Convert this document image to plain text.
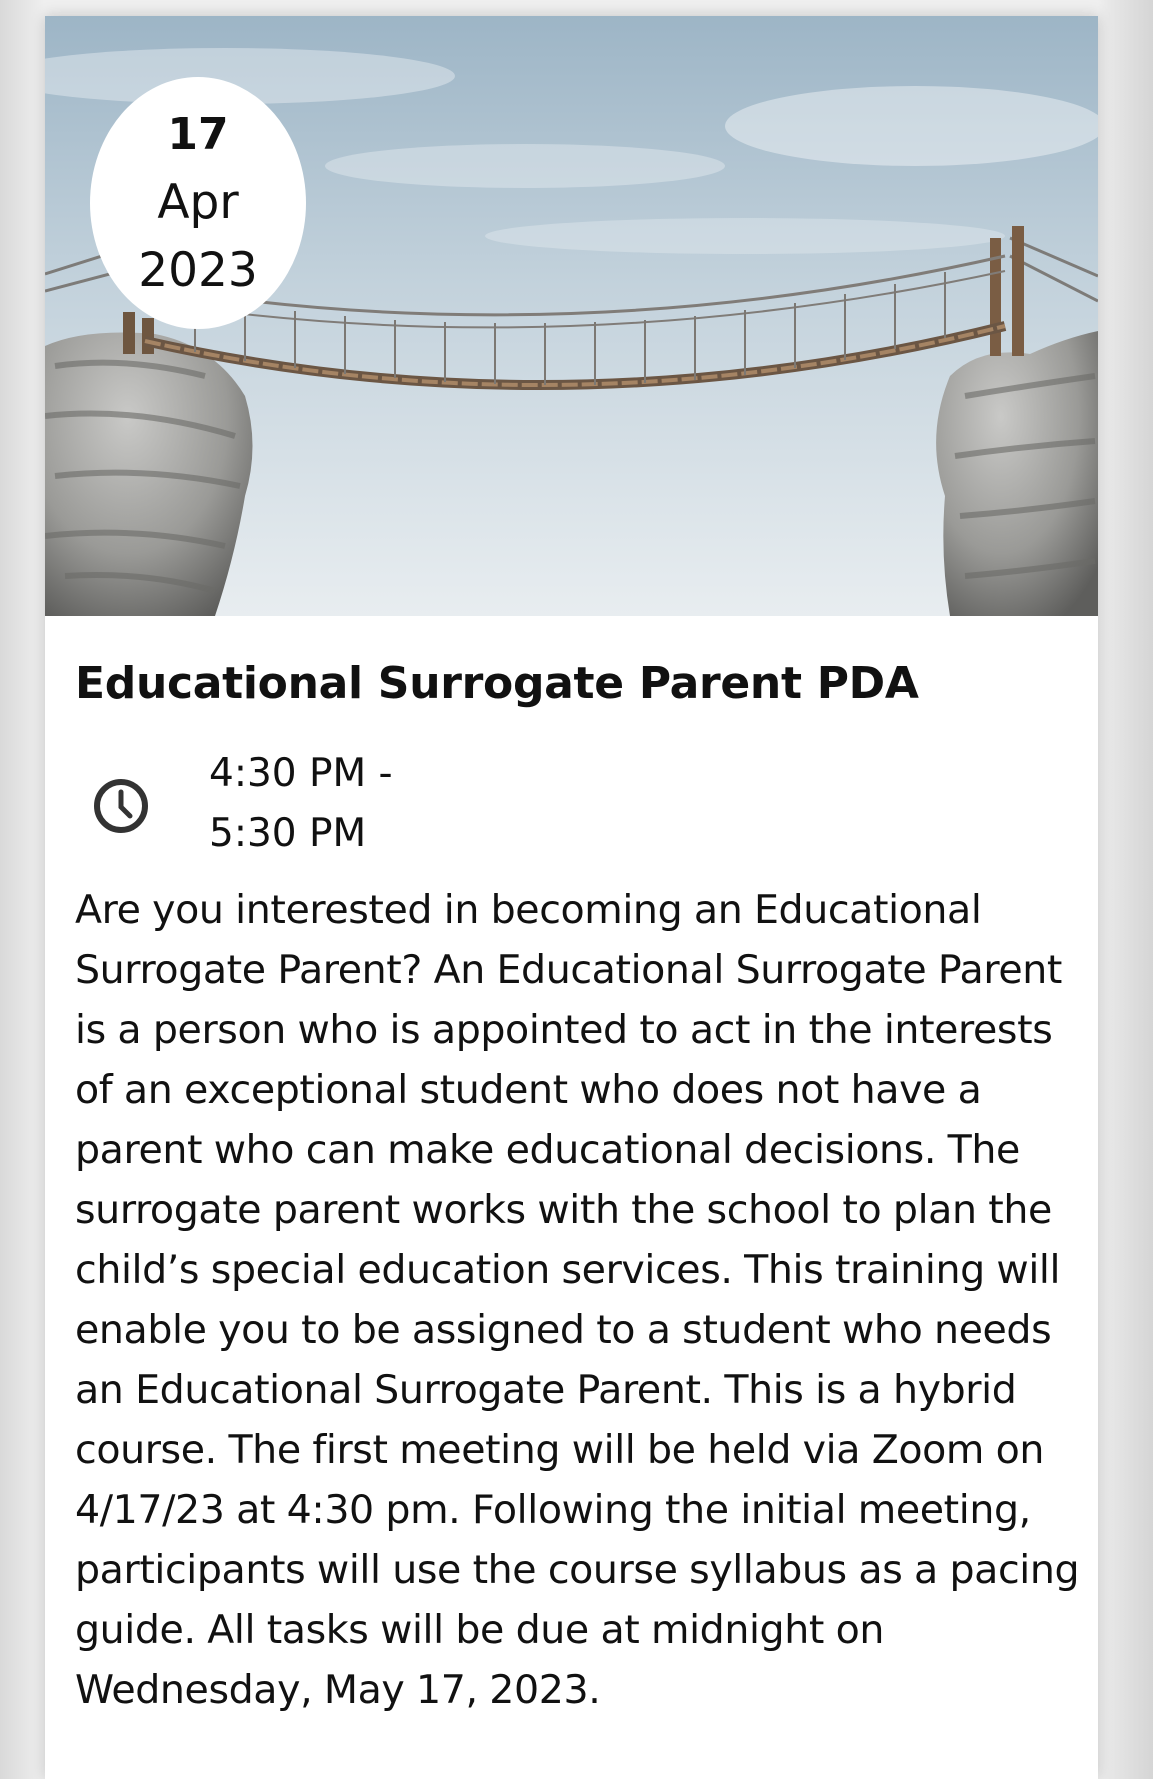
17
Apr
2023
Educational Surrogate Parent PDA
4:30 PM -
5:30 PM

Are you interested in becoming an Educational Surrogate Parent? An Educational Surrogate Parent is a person who is appointed to act in the interests of an exceptional student who does not have a parent who can make educational decisions. The surrogate parent works with the school to plan the child’s special education services. This training will enable you to be assigned to a student who needs an Educational Surrogate Parent. This is a hybrid course. The first meeting will be held via Zoom on 4/17/23 at 4:30 pm. Following the initial meeting, participants will use the course syllabus as a pacing guide. All tasks will be due at midnight on Wednesday, May 17, 2023.
